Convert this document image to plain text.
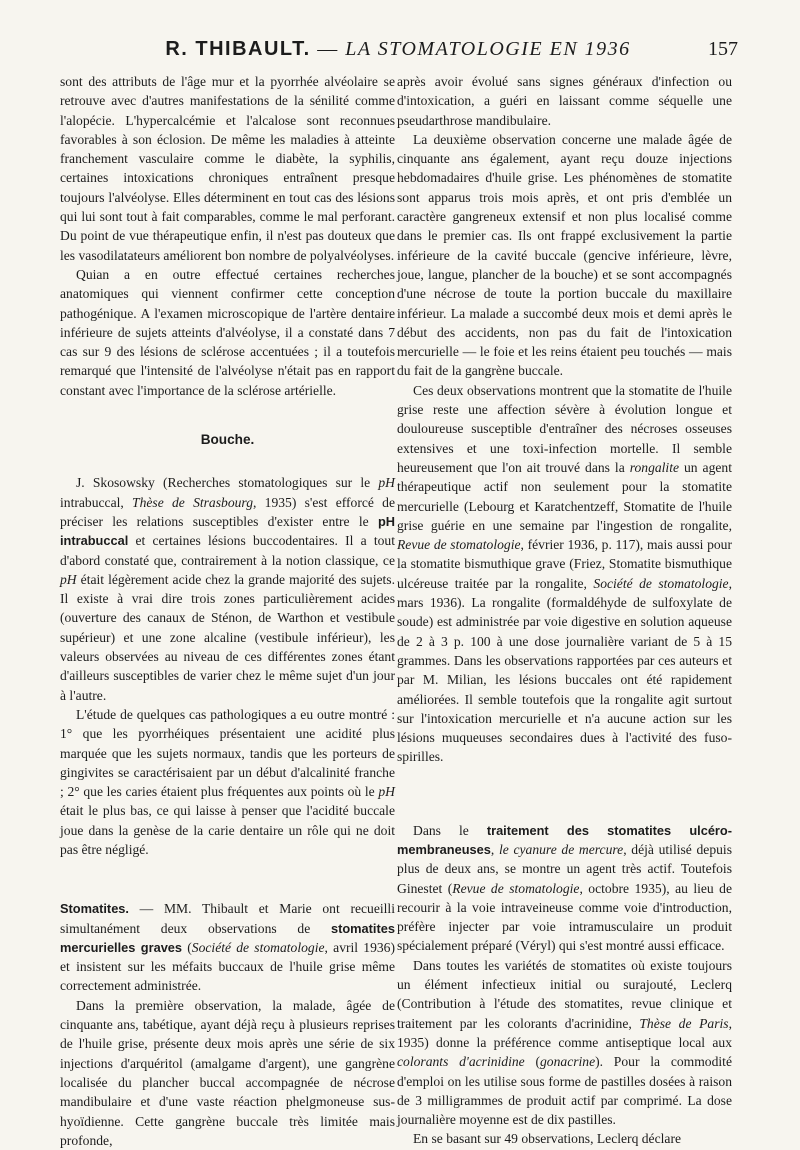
R. THIBAULT. — LA STOMATOLOGIE EN 1936	157

sont des attributs de l'âge mur et la pyorrhée alvéolaire se retrouve avec d'autres manifestations de la sénilité comme l'alopécie. L'hypercalcémie et l'alcalose sont reconnues favorables à son éclosion. De même les maladies à atteinte franchement vasculaire comme le diabète, la syphilis, certaines intoxications chroniques entraînent presque toujours l'alvéolyse. Elles déterminent en tout cas des lésions qui lui sont tout à fait comparables, comme le mal perforant. Du point de vue thérapeutique enfin, il n'est pas douteux que les vasodilatateurs améliorent bon nombre de polyalvéolyses.

Quian a en outre effectué certaines recherches anatomiques qui viennent confirmer cette conception pathogénique. A l'examen microscopique de l'artère dentaire inférieure de sujets atteints d'alvéolyse, il a constaté dans 7 cas sur 9 des lésions de sclérose accentuées ; il a toutefois remarqué que l'intensité de l'alvéolyse n'était pas en rapport constant avec l'importance de la sclérose artérielle.

Bouche.

J. Skosowsky (Recherches stomatologiques sur le pH intrabuccal, Thèse de Strasbourg, 1935) s'est efforcé de préciser les relations susceptibles d'exister entre le pH intrabuccal et certaines lésions buccodentaires. Il a tout d'abord constaté que, contrairement à la notion classique, ce pH était légèrement acide chez la grande majorité des sujets. Il existe à vrai dire trois zones particulièrement acides (ouverture des canaux de Sténon, de Warthon et vestibule supérieur) et une zone alcaline (vestibule inférieur), les valeurs observées au niveau de ces différentes zones étant d'ailleurs susceptibles de varier chez le même sujet d'un jour à l'autre.

L'étude de quelques cas pathologiques a eu outre montré : 1° que les pyorrhéiques présentaient une acidité plus marquée que les sujets normaux, tandis que les porteurs de gingivites se caractérisaient par un début d'alcalinité franche ; 2° que les caries étaient plus fréquentes aux points où le pH était le plus bas, ce qui laisse à penser que l'acidité buccale joue dans la genèse de la carie dentaire un rôle qui ne doit pas être négligé.

Stomatites. — MM. Thibault et Marie ont recueilli simultanément deux observations de stomatites mercurielles graves (Société de stomatologie, avril 1936) et insistent sur les méfaits buccaux de l'huile grise même correctement administrée.

Dans la première observation, la malade, âgée de cinquante ans, tabétique, ayant déjà reçu à plusieurs reprises de l'huile grise, présente deux mois après une série de six injections d'arquéritol (amalgame d'argent), une gangrène localisée du plancher buccal accompagnée de nécrose mandibulaire et d'une vaste réaction phelgmoneuse sus-hyoïdienne. Cette gangrène buccale très limitée mais profonde,

après avoir évolué sans signes généraux d'infection ou d'intoxication, a guéri en laissant comme séquelle une pseudarthrose mandibulaire.

La deuxième observation concerne une malade âgée de cinquante ans également, ayant reçu douze injections hebdomadaires d'huile grise. Les phénomènes de stomatite sont apparus trois mois après, et ont pris d'emblée un caractère gangreneux extensif et non plus localisé comme dans le premier cas. Ils ont frappé exclusivement la partie inférieure de la cavité buccale (gencive inférieure, lèvre, joue, langue, plancher de la bouche) et se sont accompagnés d'une nécrose de toute la portion buccale du maxillaire inférieur. La malade a succombé deux mois et demi après le début des accidents, non pas du fait de l'intoxication mercurielle — le foie et les reins étaient peu touchés — mais du fait de la gangrène buccale.

Ces deux observations montrent que la stomatite de l'huile grise reste une affection sévère à évolution longue et douloureuse susceptible d'entraîner des nécroses osseuses extensives et une toxi-infection mortelle. Il semble heureusement que l'on ait trouvé dans la rongalite un agent thérapeutique actif non seulement pour la stomatite mercurielle (Lebourg et Karatchentzeff, Stomatite de l'huile grise guérie en une semaine par l'ingestion de rongalite, Revue de stomatologie, février 1936, p. 117), mais aussi pour la stomatite bismuthique grave (Friez, Stomatite bismuthique ulcéreuse traitée par la rongalite, Société de stomatologie, mars 1936). La rongalite (formaldéhyde de sulfoxylate de soude) est administrée par voie digestive en solution aqueuse de 2 à 3 p. 100 à une dose journalière variant de 5 à 15 grammes. Dans les observations rapportées par ces auteurs et par M. Milian, les lésions buccales ont été rapidement améliorées. Il semble toutefois que la rongalite agit surtout sur l'intoxication mercurielle et n'a aucune action sur les lésions muqueuses secondaires dues à l'activité des fuso-spirilles.

Dans le traitement des stomatites ulcéro-membraneuses, le cyanure de mercure, déjà utilisé depuis plus de deux ans, se montre un agent très actif. Toutefois Ginestet (Revue de stomatologie, octobre 1935), au lieu de recourir à la voie intraveineuse comme voie d'introduction, préfère injecter par voie intramusculaire un produit spécialement préparé (Véryl) qui s'est montré aussi efficace.

Dans toutes les variétés de stomatites où existe toujours un élément infectieux initial ou surajouté, Leclerq (Contribution à l'étude des stomatites, revue clinique et traitement par les colorants d'acrinidine, Thèse de Paris, 1935) donne la préférence comme antiseptique local aux colorants d'acrinidine (gonacrine). Pour la commodité d'emploi on les utilise sous forme de pastilles dosées à raison de 3 milligrammes de produit actif par comprimé. La dose journalière moyenne est de dix pastilles.

En se basant sur 49 observations, Leclerq déclare
